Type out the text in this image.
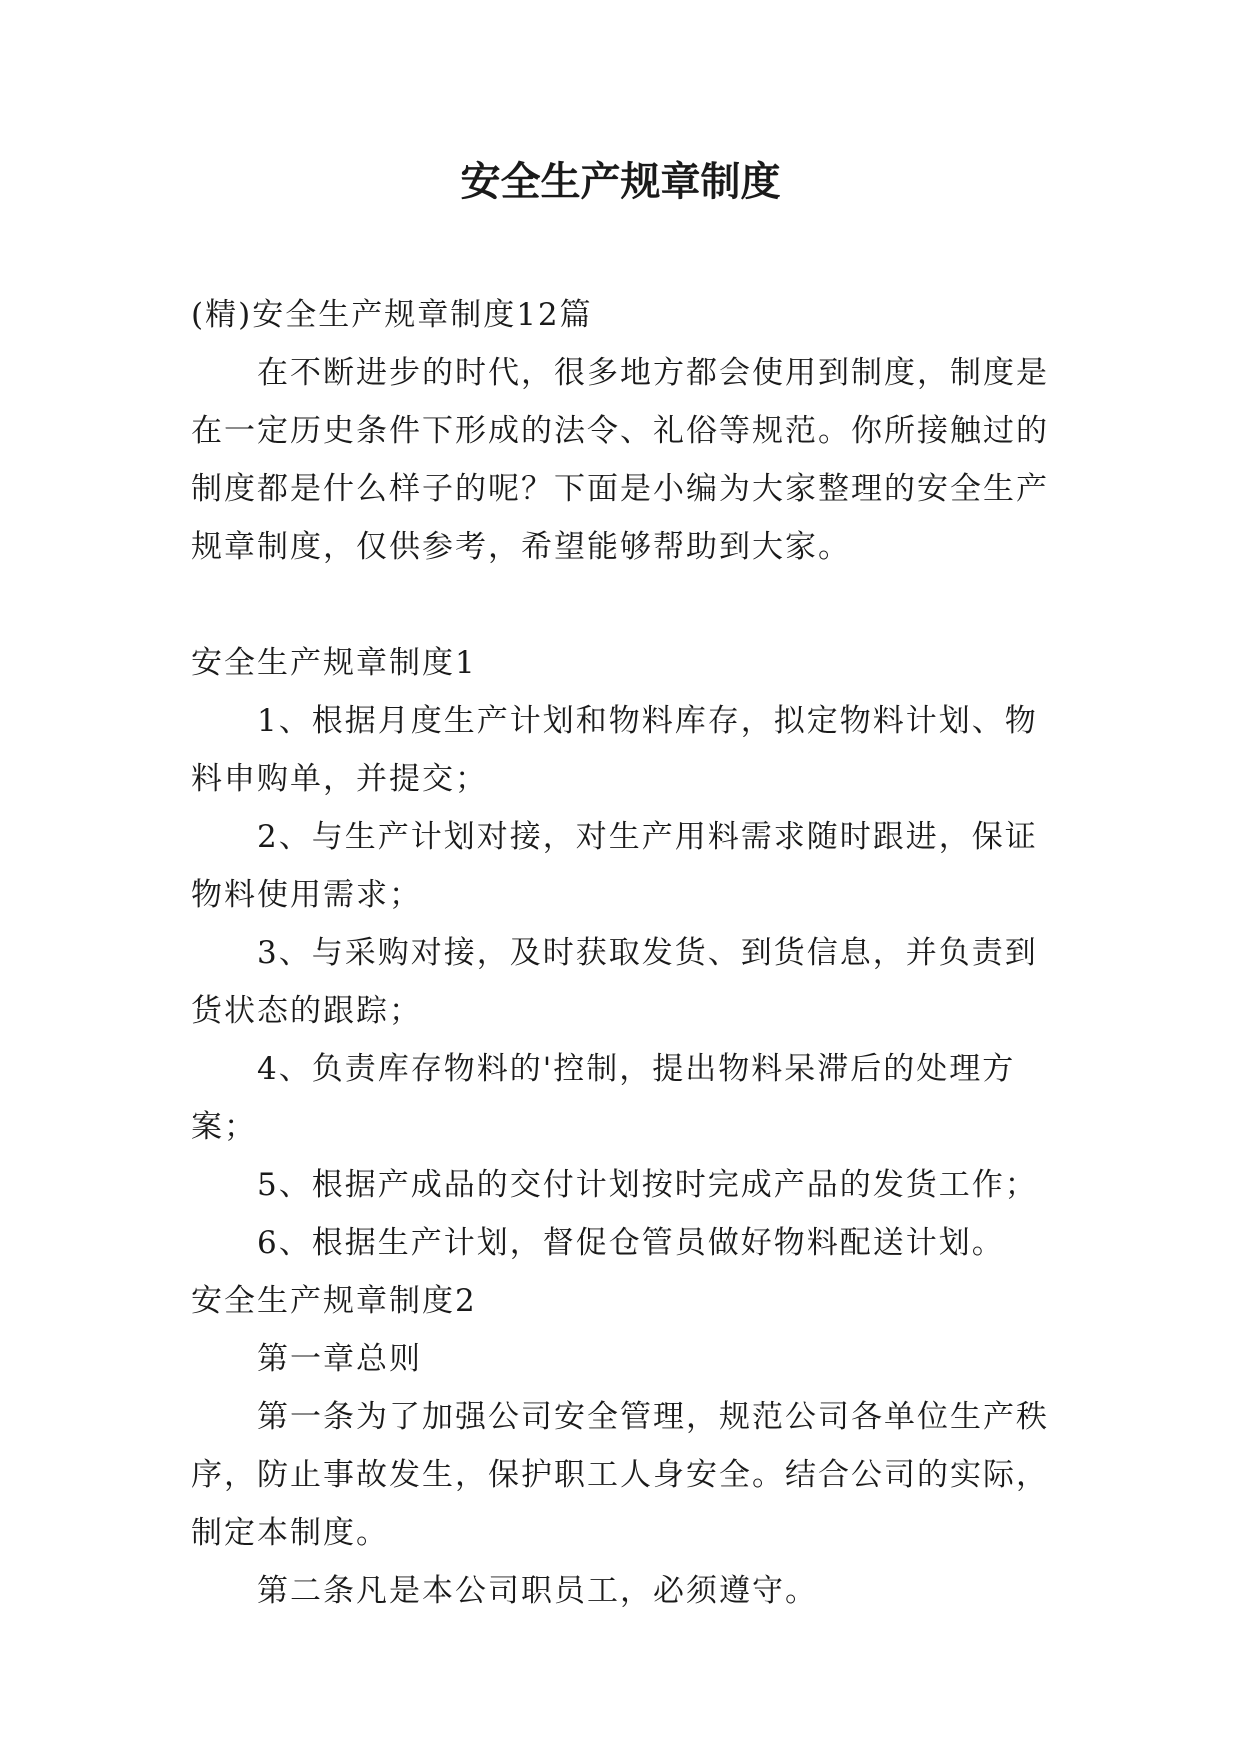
安全生产规章制度

(精)安全生产规章制度12篇

在不断进步的时代，很多地方都会使用到制度，制度是在一定历史条件下形成的法令、礼俗等规范。你所接触过的制度都是什么样子的呢？下面是小编为大家整理的安全生产规章制度，仅供参考，希望能够帮助到大家。

安全生产规章制度1

1、根据月度生产计划和物料库存，拟定物料计划、物料申购单，并提交；

2、与生产计划对接，对生产用料需求随时跟进，保证物料使用需求；

3、与采购对接，及时获取发货、到货信息，并负责到货状态的跟踪；

4、负责库存物料的'控制，提出物料呆滞后的处理方案；

5、根据产成品的交付计划按时完成产品的发货工作；

6、根据生产计划，督促仓管员做好物料配送计划。

安全生产规章制度2

第一章总则

第一条为了加强公司安全管理，规范公司各单位生产秩序，防止事故发生，保护职工人身安全。结合公司的实际，制定本制度。

第二条凡是本公司职员工，必须遵守。
